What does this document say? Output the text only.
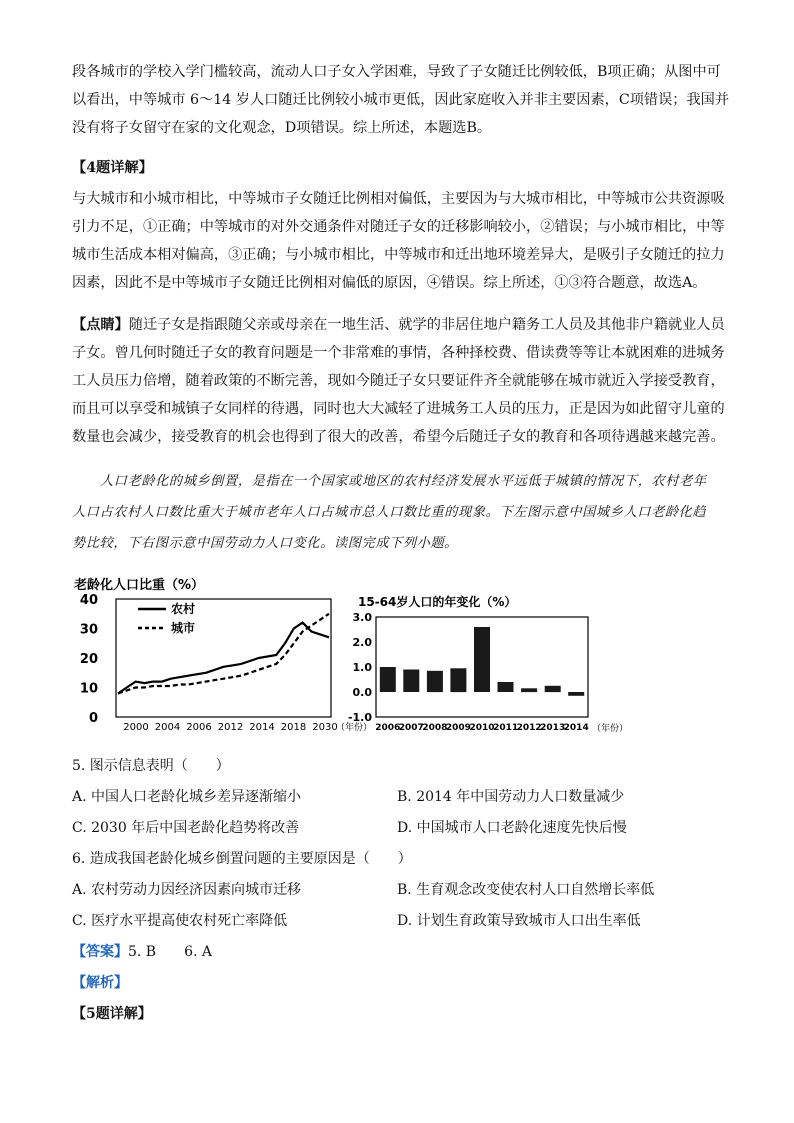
段各城市的学校入学门槛较高，流动人口子女入学困难，导致了子女随迁比例较低，B项正确；从图中可
以看出，中等城市 6～14 岁人口随迁比例较小城市更低，因此家庭收入并非主要因素，C项错误；我国并
没有将子女留守在家的文化观念，D项错误。综上所述，本题选B。
【4题详解】
与大城市和小城市相比，中等城市子女随迁比例相对偏低，主要因为与大城市相比，中等城市公共资源吸
引力不足，①正确；中等城市的对外交通条件对随迁子女的迁移影响较小，②错误；与小城市相比，中等
城市生活成本相对偏高，③正确；与小城市相比，中等城市和迁出地环境差异大，是吸引子女随迁的拉力
因素，因此不是中等城市子女随迁比例相对偏低的原因，④错误。综上所述，①③符合题意，故选A。
【点睛】随迁子女是指跟随父亲或母亲在一地生活、就学的非居住地户籍务工人员及其他非户籍就业人员
子女。曾几何时随迁子女的教育问题是一个非常难的事情，各种择校费、借读费等等让本就困难的进城务
工人员压力倍增，随着政策的不断完善，现如今随迁子女只要证件齐全就能够在城市就近入学接受教育，
而且可以享受和城镇子女同样的待遇，同时也大大减轻了进城务工人员的压力，正是因为如此留守儿童的
数量也会减少，接受教育的机会也得到了很大的改善，希望今后随迁子女的教育和各项待遇越来越完善。
人口老龄化的城乡倒置，是指在一个国家或地区的农村经济发展水平远低于城镇的情况下，农村老年
人口占农村人口数比重大于城市老年人口占城市总人口数比重的现象。下左图示意中国城乡人口老龄化趋
势比较，下右图示意中国劳动力人口变化。读图完成下列小题。
老龄化人口比重（%）
0
10
20
30
40
2000 2004 2006 2012 2014 2018 2030
（年份）
农村
城市
15-64岁人口的年变化（%）
-1.0
0.0
1.0
2.0
3.0
2006
2007
2008
2009
2010
2011
2012
2013
2014 （年份）
5. 图示信息表明（　　）
A. 中国人口老龄化城乡差异逐渐缩小	B. 2014 年中国劳动力人口数量减少
C. 2030 年后中国老龄化趋势将改善	D. 中国城市人口老龄化速度先快后慢
6. 造成我国老龄化城乡倒置问题的主要原因是（　　）
A. 农村劳动力因经济因素向城市迁移	B. 生育观念改变使农村人口自然增长率低
C. 医疗水平提高使农村死亡率降低	D. 计划生育政策导致城市人口出生率低
【答案】5. B　　6. A
【解析】
【5题详解】
